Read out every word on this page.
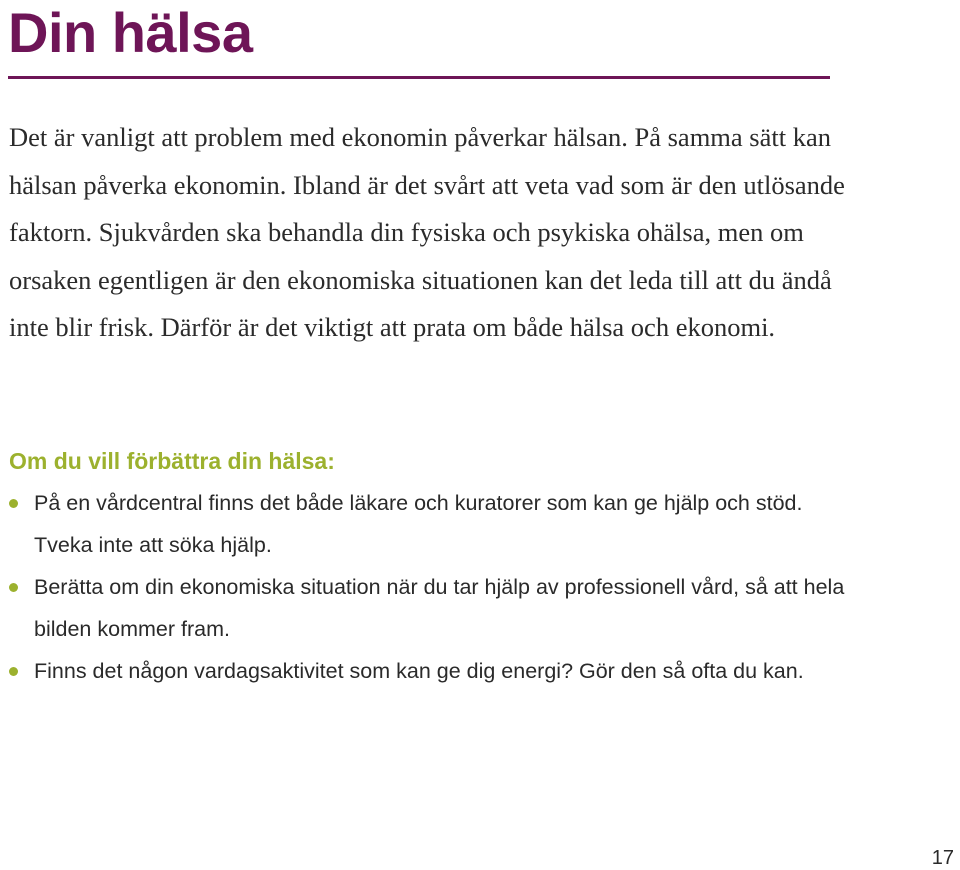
Din hälsa

Det är vanligt att problem med ekonomin påverkar hälsan. På samma sätt kan hälsan påverka ekonomin. Ibland är det svårt att veta vad som är den utlösande faktorn. Sjukvården ska behandla din fysiska och psykiska ohälsa, men om orsaken egentligen är den ekonomiska situationen kan det leda till att du ändå inte blir frisk. Därför är det viktigt att prata om både hälsa och ekonomi.

Om du vill förbättra din hälsa:
På en vårdcentral finns det både läkare och kuratorer som kan ge hjälp och stöd. Tveka inte att söka hjälp.
Berätta om din ekonomiska situation när du tar hjälp av professionell vård, så att hela bilden kommer fram.
Finns det någon vardagsaktivitet som kan ge dig energi? Gör den så ofta du kan.
17
